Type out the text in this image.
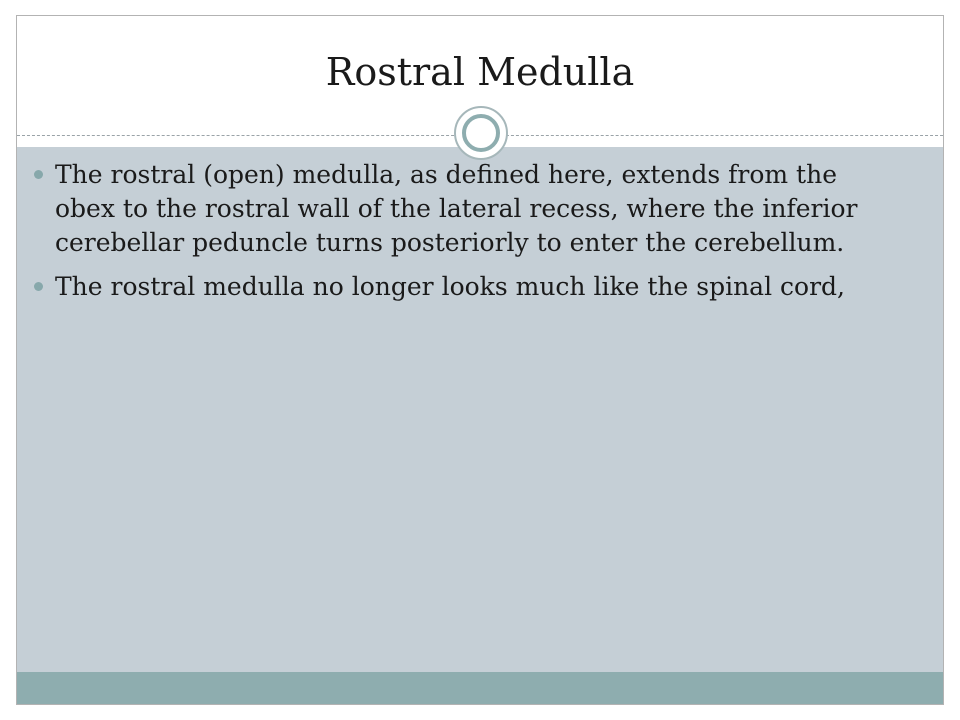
Rostral Medulla
The rostral (open) medulla, as defined here, extends from the obex to the rostral wall of the lateral recess, where the inferior cerebellar peduncle turns posteriorly to enter the cerebellum.
The rostral medulla no longer looks much like the spinal cord,
